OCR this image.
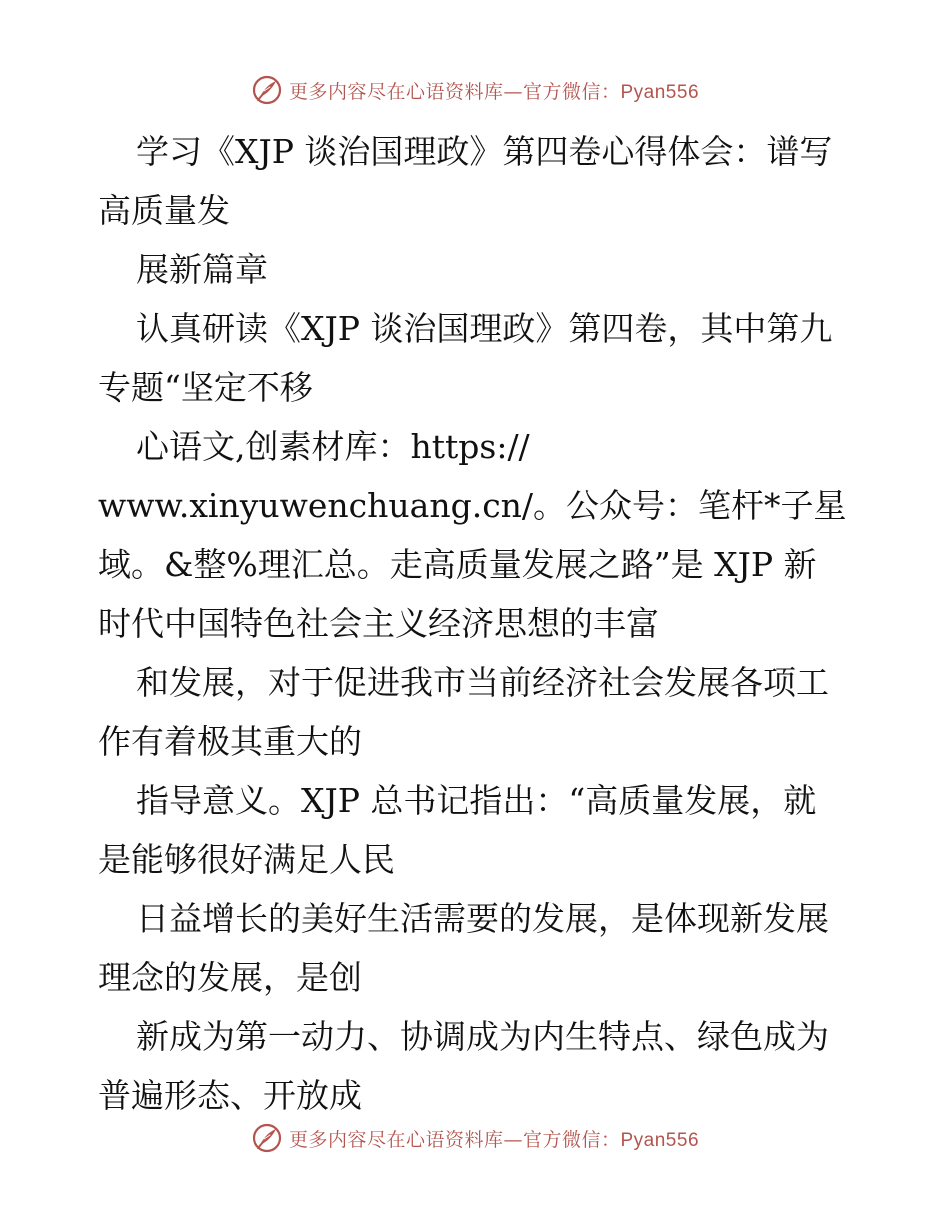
更多内容尽在心语资料库—官方微信：Pyan556
学习《XJP 谈治国理政》第四卷心得体会：谱写
高质量发
展新篇章
认真研读《XJP 谈治国理政》第四卷，其中第九
专题“坚定不移
心语文,创素材库：https://
www.xinyuwenchuang.cn/。公众号：笔杆*子星
域。&整%理汇总。走高质量发展之路”是 XJP 新
时代中国特色社会主义经济思想的丰富
和发展，对于促进我市当前经济社会发展各项工
作有着极其重大的
指导意义。XJP 总书记指出：“高质量发展，就
是能够很好满足人民
日益增长的美好生活需要的发展，是体现新发展
理念的发展，是创
新成为第一动力、协调成为内生特点、绿色成为
普遍形态、开放成
更多内容尽在心语资料库—官方微信：Pyan556
